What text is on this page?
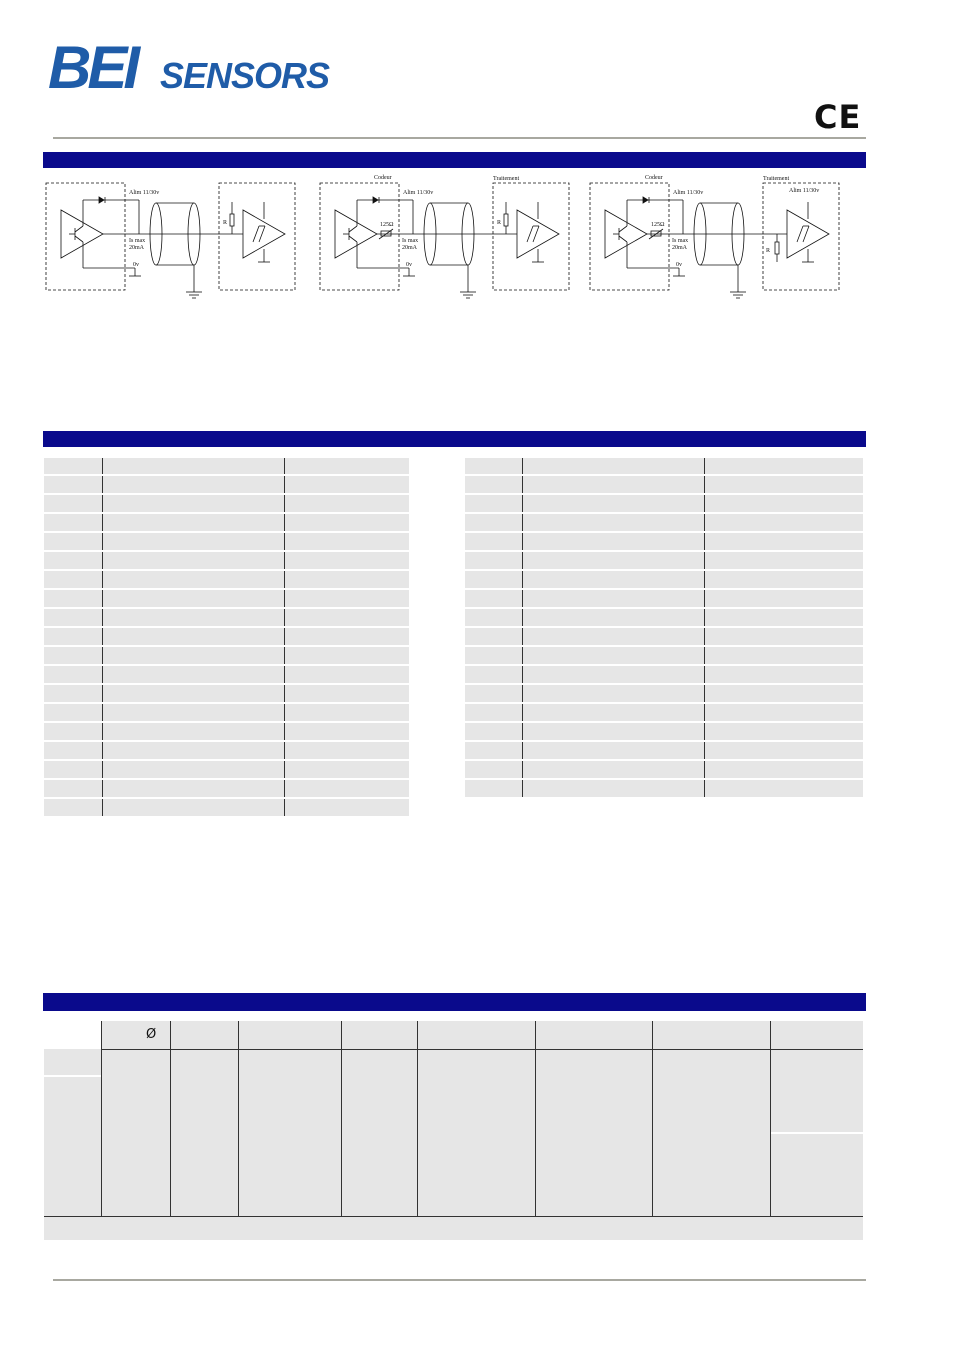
BEI SENSORS
CE
Alim 11/30v
Is max
20mA
0v
R
Codeur	Traitement
Alim 11/30v
125Ω
Is max
20mA
0v
R
Codeur	Traitement
Alim 11/30v	Alim 11/30v
125Ω
Is max
20mA
0v
R

Ø
